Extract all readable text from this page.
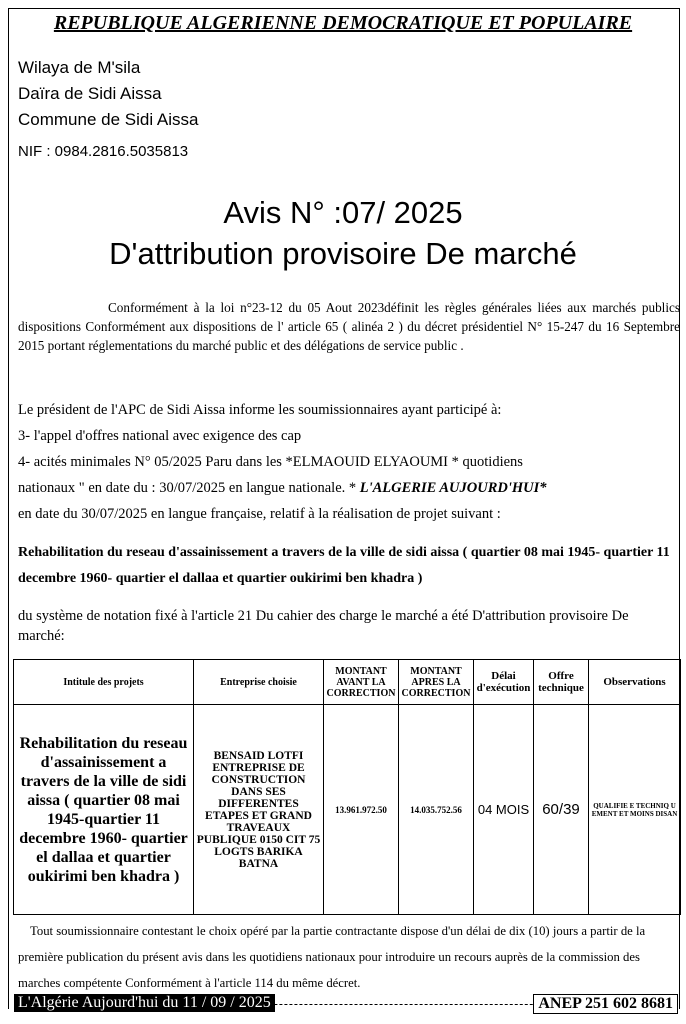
REPUBLIQUE ALGERIENNE DEMOCRATIQUE ET POPULAIRE
Wilaya de M'sila
Daïra de Sidi Aissa
Commune de Sidi Aissa
NIF : 0984.2816.5035813
Avis N° :07/ 2025
D'attribution provisoire De marché
Conformément à la loi n°23-12 du 05 Aout 2023définit les règles générales liées aux marchés publics dispositions Conformément aux dispositions de l' article 65 ( alinéa 2 ) du décret présidentiel N° 15-247 du 16 Septembre 2015 portant réglementations du marché public et des délégations de service public .
Le président de l'APC de Sidi Aissa informe les soumissionnaires ayant participé à:
3- l'appel d'offres national avec exigence des cap
4- acités minimales N° 05/2025 Paru dans les *ELMAOUID ELYAOUMI * quotidiens
nationaux " en date du : 30/07/2025 en langue nationale. * L'ALGERIE AUJOURD'HUI*
en date du 30/07/2025 en langue française, relatif à la réalisation de projet suivant :
Rehabilitation du reseau d'assainissement a travers de la ville de sidi aissa ( quartier 08 mai 1945- quartier 11 decembre 1960- quartier el dallaa et quartier oukirimi ben khadra )
du système de notation fixé à l'article 21 Du cahier des charge le marché a été D'attribution provisoire De marché:
Intitule des projets	Entreprise choisie	MONTANT AVANT LA CORRECTION	MONTANT APRES LA CORRECTION	Délai d'exécution	Offre technique	Observations
Rehabilitation du reseau d'assainissement a travers de la ville de sidi aissa ( quartier 08 mai 1945-quartier 11 decembre 1960- quartier el dallaa et quartier oukirimi ben khadra )	BENSAID LOTFI ENTREPRISE DE CONSTRUCTION DANS SES DIFFERENTES ETAPES ET GRAND TRAVEAUX PUBLIQUE 0150 CIT 75 LOGTS BARIKA BATNA	13.961.972.50	14.035.752.56	04 MOIS	60/39	QUALIFIE E TECHNIQ UEMENT ET MOINS DISAN
Tout soumissionnaire contestant le choix opéré par la partie contractante dispose d'un délai de dix (10) jours a partir de la première publication du présent avis dans les quotidiens nationaux pour introduire un recours auprès de la commission des marches compétente Conformément à l'article 114 du même décret.
L'Algérie Aujourd'hui du 11 / 09 / 2025	ANEP 251 602 8681
